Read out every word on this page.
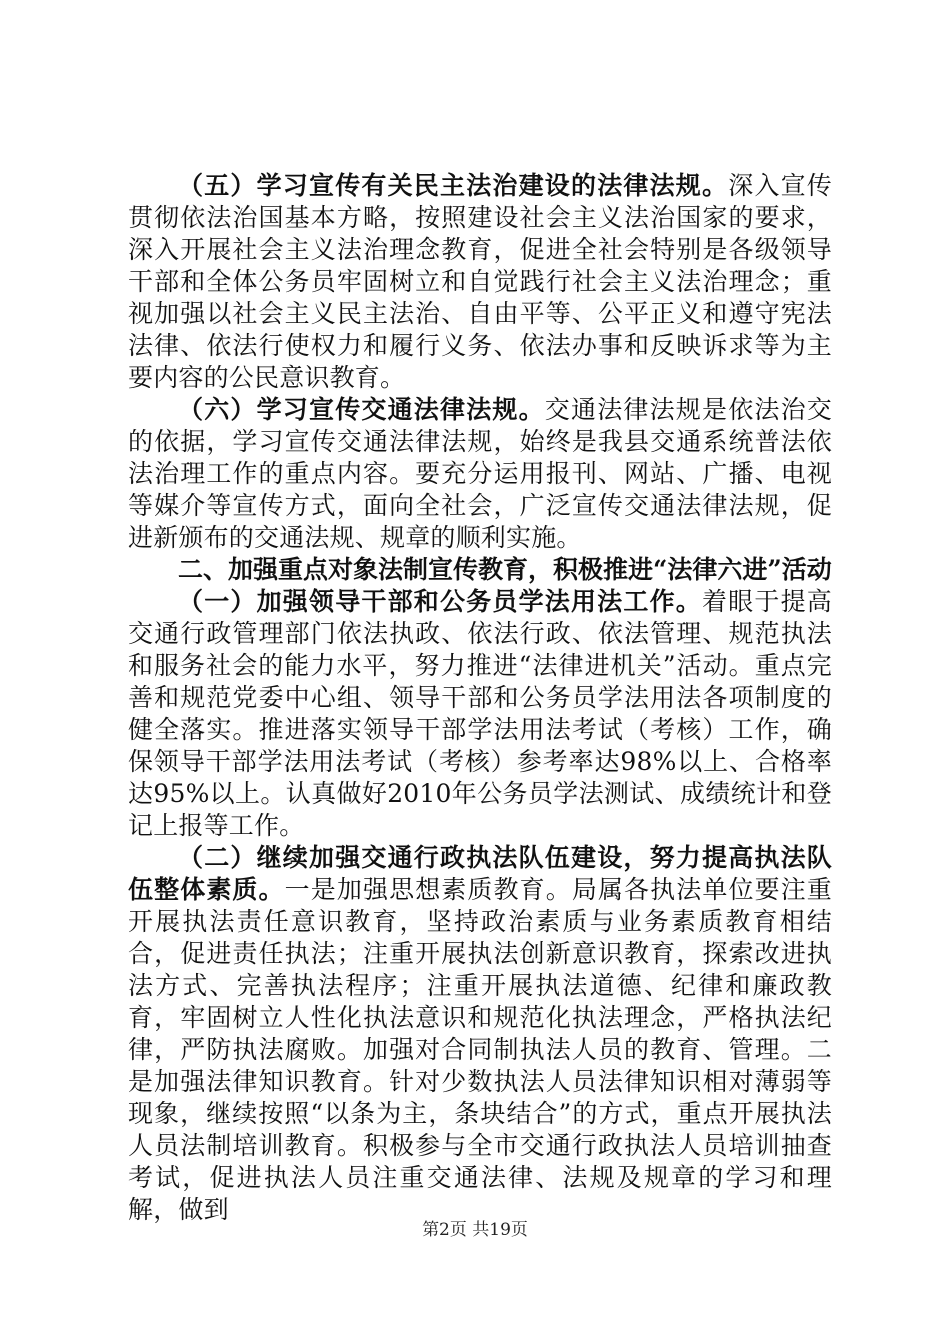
（五）学习宣传有关民主法治建设的法律法规。深入宣传贯彻依法治国基本方略，按照建设社会主义法治国家的要求，深入开展社会主义法治理念教育，促进全社会特别是各级领导干部和全体公务员牢固树立和自觉践行社会主义法治理念；重视加强以社会主义民主法治、自由平等、公平正义和遵守宪法法律、依法行使权力和履行义务、依法办事和反映诉求等为主要内容的公民意识教育。

（六）学习宣传交通法律法规。交通法律法规是依法治交的依据，学习宣传交通法律法规，始终是我县交通系统普法依法治理工作的重点内容。要充分运用报刊、网站、广播、电视等媒介等宣传方式，面向全社会，广泛宣传交通法律法规，促进新颁布的交通法规、规章的顺利实施。

二、加强重点对象法制宣传教育，积极推进“法律六进”活动

（一）加强领导干部和公务员学法用法工作。着眼于提高交通行政管理部门依法执政、依法行政、依法管理、规范执法和服务社会的能力水平，努力推进“法律进机关”活动。重点完善和规范党委中心组、领导干部和公务员学法用法各项制度的健全落实。推进落实领导干部学法用法考试（考核）工作，确保领导干部学法用法考试（考核）参考率达98%以上、合格率达95%以上。认真做好2010年公务员学法测试、成绩统计和登记上报等工作。

（二）继续加强交通行政执法队伍建设，努力提高执法队伍整体素质。一是加强思想素质教育。局属各执法单位要注重开展执法责任意识教育，坚持政治素质与业务素质教育相结合，促进责任执法；注重开展执法创新意识教育，探索改进执法方式、完善执法程序；注重开展执法道德、纪律和廉政教育，牢固树立人性化执法意识和规范化执法理念，严格执法纪律，严防执法腐败。加强对合同制执法人员的教育、管理。二是加强法律知识教育。针对少数执法人员法律知识相对薄弱等现象，继续按照“以条为主，条块结合”的方式，重点开展执法人员法制培训教育。积极参与全市交通行政执法人员培训抽查考试，促进执法人员注重交通法律、法规及规章的学习和理解，做到

第2页 共19页
